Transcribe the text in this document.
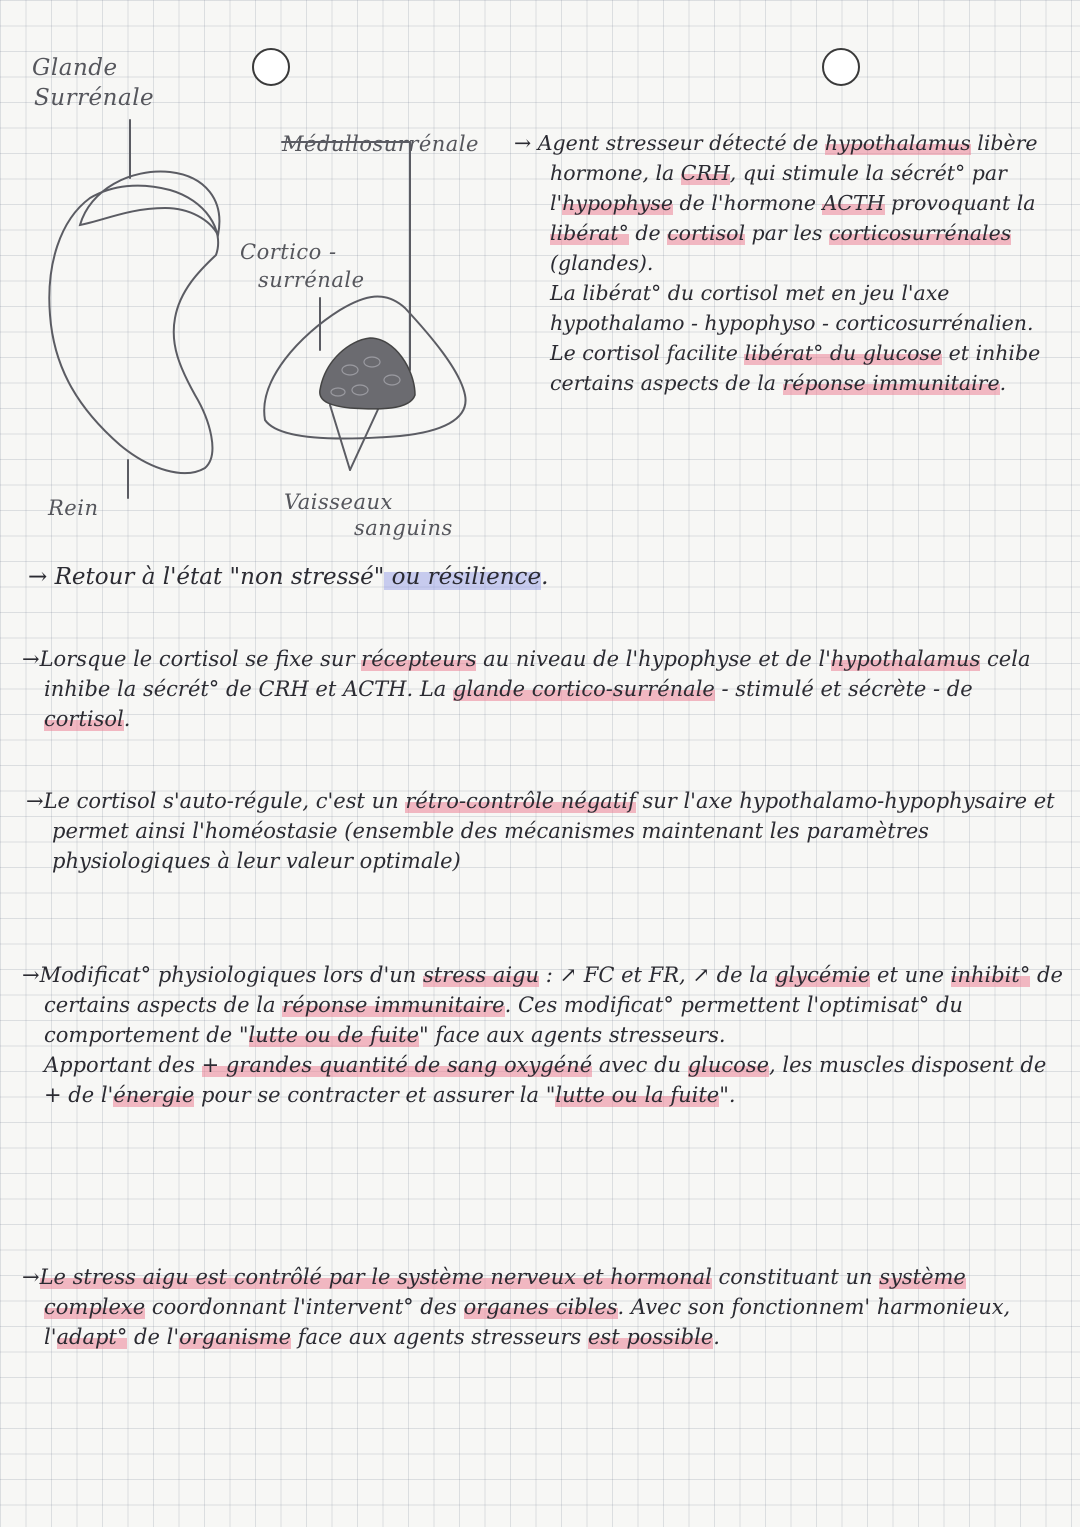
Glande
Surrénale
Médullosurrénale
Cortico -
surrénale
Rein	Vaisseaux
sanguins

→ Agent stresseur détecté de hypothalamus libère hormone, la CRH, qui stimule la sécrét° par l'hypophyse de l'hormone ACTH provoquant la libérat° de cortisol par les corticosurrénales (glandes).

La libérat° du cortisol met en jeu l'axe hypothalamo - hypophyso - corticosurrénalien.

Le cortisol facilite libérat° du glucose et inhibe certains aspects de la réponse immunitaire.

→ Retour à l'état "non stressé" ou résilience.

→Lorsque le cortisol se fixe sur récepteurs au niveau de l'hypophyse et de l'hypothalamus cela inhibe la sécrét° de CRH et ACTH. La glande cortico-surrénale - stimulé et sécrète - de cortisol.

→Le cortisol s'auto-régule, c'est un rétro-contrôle négatif sur l'axe hypothalamo-hypophysaire et permet ainsi l'homéostasie (ensemble des mécanismes maintenant les paramètres physiologiques à leur valeur optimale)

→Modificat° physiologiques lors d'un stress aigu : ↗ FC et FR, ↗ de la glycémie et une inhibit° de certains aspects de la réponse immunitaire. Ces modificat° permettent l'optimisat° du comportement de "lutte ou de fuite" face aux agents stresseurs.

Apportant des + grandes quantité de sang oxygéné avec du glucose, les muscles disposent de + de l'énergie pour se contracter et assurer la "lutte ou la fuite".

→Le stress aigu est contrôlé par le système nerveux et hormonal constituant un système complexe coordonnant l'intervent° des organes cibles. Avec son fonctionnem' harmonieux, l'adapt° de l'organisme face aux agents stresseurs est possible.
